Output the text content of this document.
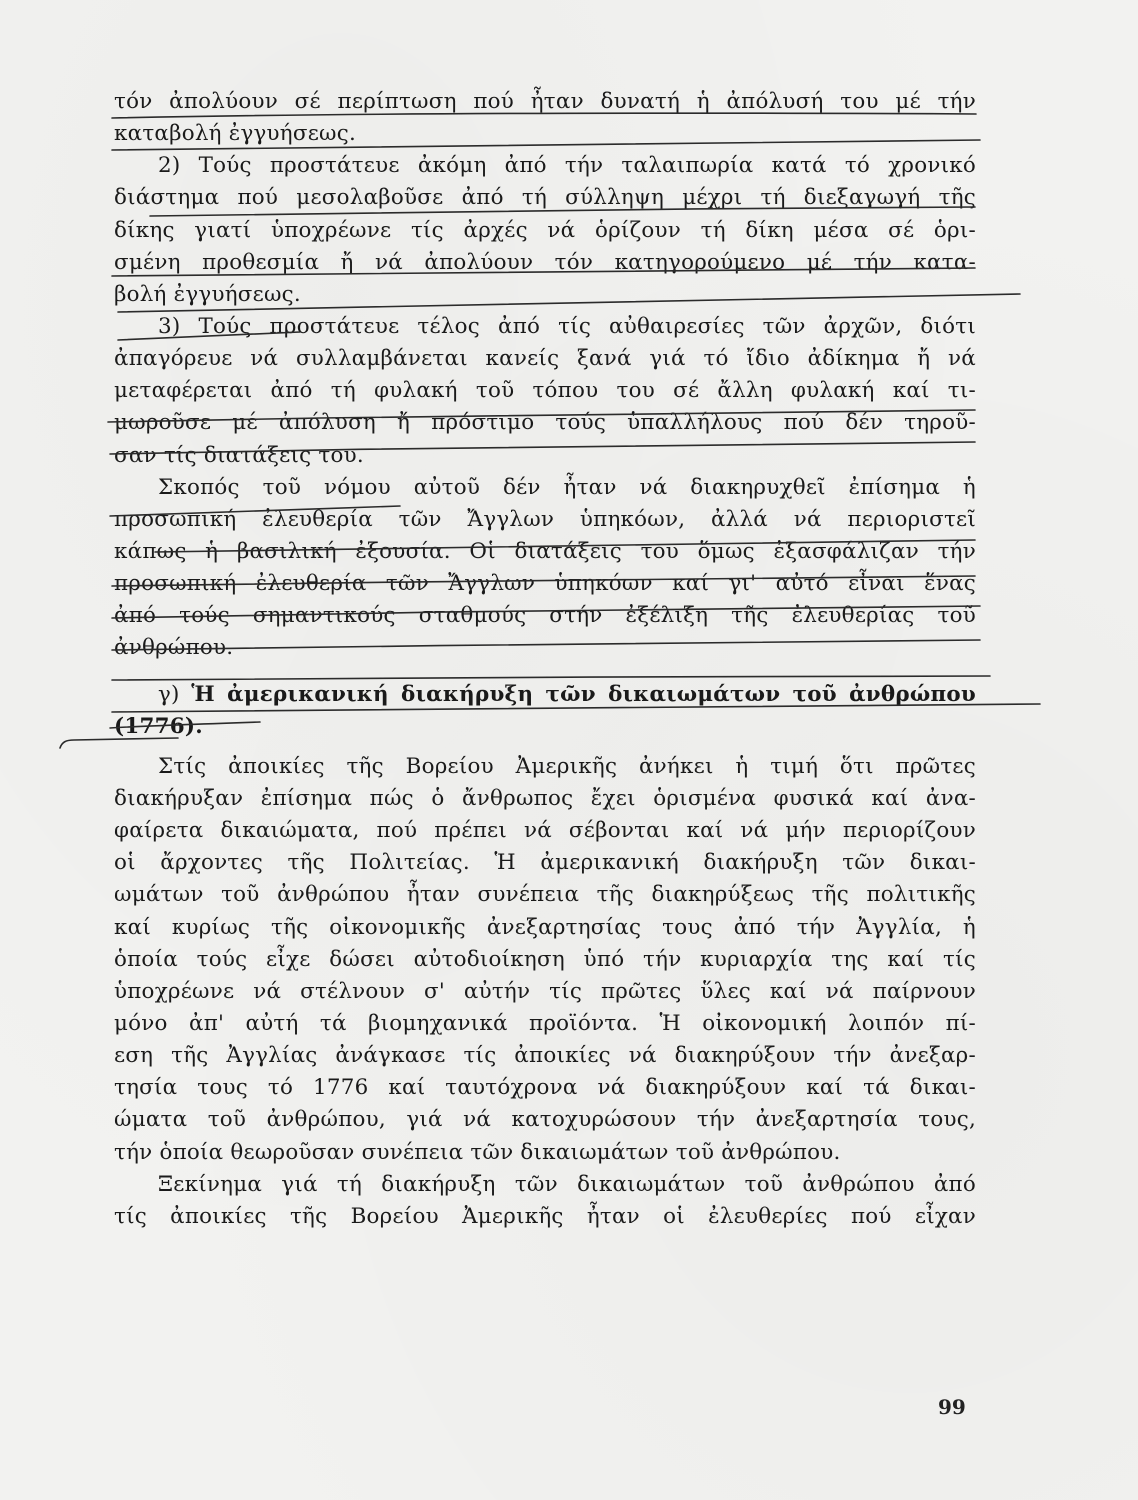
τόν ἀπολύουν σέ περίπτωση πού ἦταν δυνατή ἡ ἀπόλυσή του μέ τήν
καταβολή ἐγγυήσεως.
2) Τούς προστάτευε ἀκόμη ἀπό τήν ταλαιπωρία κατά τό χρονικό
διάστημα πού μεσολαβοῦσε ἀπό τή σύλληψη μέχρι τή διεξαγωγή τῆς
δίκης γιατί ὑποχρέωνε τίς ἀρχές νά ὁρίζουν τή δίκη μέσα σέ ὁρι-
σμένη προθεσμία ἤ νά ἀπολύουν τόν κατηγορούμενο μέ τήν κατα-
βολή ἐγγυήσεως.
3) Τούς προστάτευε τέλος ἀπό τίς αὐθαιρεσίες τῶν ἀρχῶν, διότι
ἀπαγόρευε νά συλλαμβάνεται κανείς ξανά γιά τό ἴδιο ἀδίκημα ἤ νά
μεταφέρεται ἀπό τή φυλακή τοῦ τόπου του σέ ἄλλη φυλακή καί τι-
μωροῦσε μέ ἀπόλυση ἤ πρόστιμο τούς ὑπαλλήλους πού δέν τηροῦ-
σαν τίς διατάξεις του.
Σκοπός τοῦ νόμου αὐτοῦ δέν ἦταν νά διακηρυχθεῖ ἐπίσημα ἡ
προσωπική ἐλευθερία τῶν Ἄγγλων ὑπηκόων, ἀλλά νά περιοριστεῖ
κάπως ἡ βασιλική ἐξουσία. Οἱ διατάξεις του ὅμως ἐξασφάλιζαν τήν
προσωπική ἐλευθερία τῶν Ἄγγλων ὑπηκόων καί γι' αὐτό εἶναι ἕνας
ἀπό τούς σημαντικούς σταθμούς στήν ἐξέλιξη τῆς ἐλευθερίας τοῦ
ἀνθρώπου.
γ) Ἡ ἀμερικανική διακήρυξη τῶν δικαιωμάτων τοῦ ἀνθρώπου
(1776).
Στίς ἀποικίες τῆς Βορείου Ἀμερικῆς ἀνήκει ἡ τιμή ὅτι πρῶτες
διακήρυξαν ἐπίσημα πώς ὁ ἄνθρωπος ἔχει ὁρισμένα φυσικά καί ἀνα-
φαίρετα δικαιώματα, πού πρέπει νά σέβονται καί νά μήν περιορίζουν
οἱ ἄρχοντες τῆς Πολιτείας. Ἡ ἀμερικανική διακήρυξη τῶν δικαι-
ωμάτων τοῦ ἀνθρώπου ἦταν συνέπεια τῆς διακηρύξεως τῆς πολιτικῆς
καί κυρίως τῆς οἰκονομικῆς ἀνεξαρτησίας τους ἀπό τήν Ἀγγλία, ἡ
ὁποία τούς εἶχε δώσει αὐτοδιοίκηση ὑπό τήν κυριαρχία της καί τίς
ὑποχρέωνε νά στέλνουν σ' αὐτήν τίς πρῶτες ὕλες καί νά παίρνουν
μόνο ἀπ' αὐτή τά βιομηχανικά προϊόντα. Ἡ οἰκονομική λοιπόν πί-
εση τῆς Ἀγγλίας ἀνάγκασε τίς ἀποικίες νά διακηρύξουν τήν ἀνεξαρ-
τησία τους τό 1776 καί ταυτόχρονα νά διακηρύξουν καί τά δικαι-
ώματα τοῦ ἀνθρώπου, γιά νά κατοχυρώσουν τήν ἀνεξαρτησία τους,
τήν ὁποία θεωροῦσαν συνέπεια τῶν δικαιωμάτων τοῦ ἀνθρώπου.
Ξεκίνημα γιά τή διακήρυξη τῶν δικαιωμάτων τοῦ ἀνθρώπου ἀπό
τίς ἀποικίες τῆς Βορείου Ἀμερικῆς ἦταν οἱ ἐλευθερίες πού εἶχαν
99
